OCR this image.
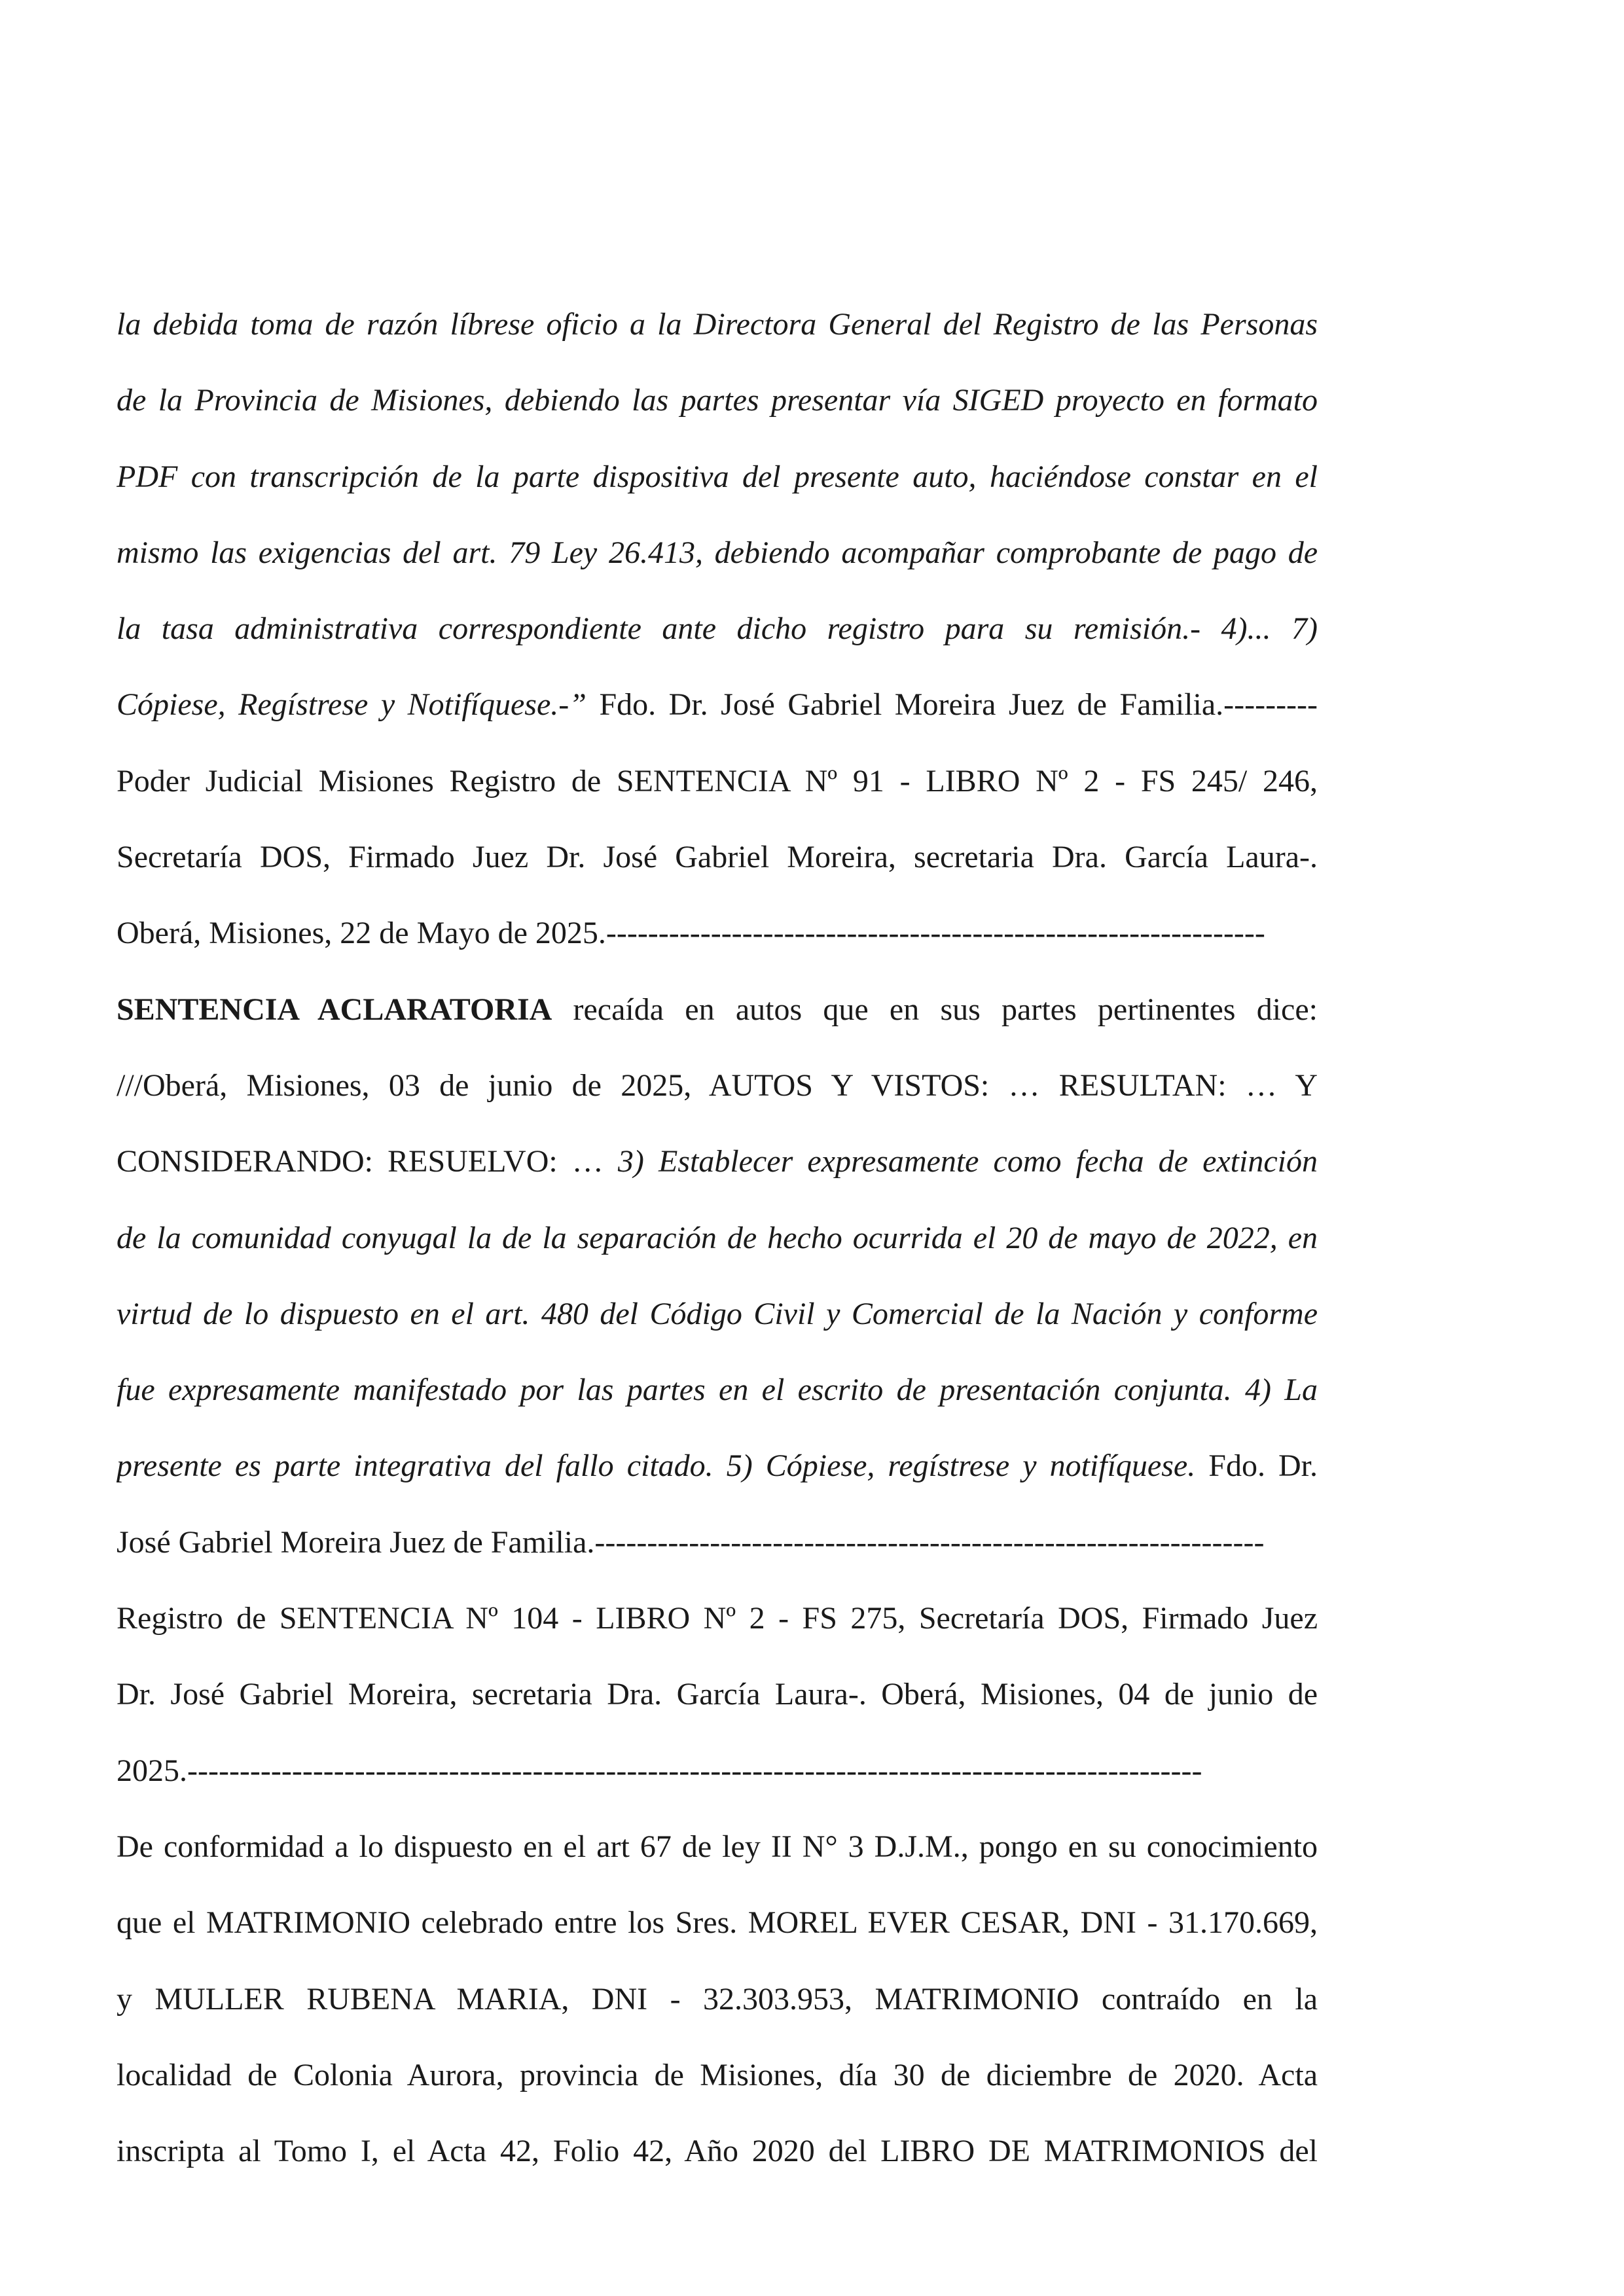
la debida toma de razón líbrese oficio a la Directora General del Registro de las Personas
de la Provincia de Misiones, debiendo las partes presentar vía SIGED proyecto en formato
PDF con transcripción de la parte dispositiva del presente auto, haciéndose constar en el
mismo las exigencias del art. 79 Ley 26.413, debiendo acompañar comprobante de pago de
la tasa administrativa correspondiente ante dicho registro para su remisión.- 4)... 7)
Cópiese, Regístrese y Notifíquese.-” Fdo. Dr. José Gabriel Moreira Juez de Familia.---------
Poder Judicial Misiones Registro de SENTENCIA Nº 91 - LIBRO Nº 2 - FS 245/ 246,
Secretaría DOS, Firmado Juez Dr. José Gabriel Moreira, secretaria Dra. García Laura-.
Oberá, Misiones, 22 de Mayo de 2025.---------------------------------------------------------------
SENTENCIA ACLARATORIA recaída en autos que en sus partes pertinentes dice:
///Oberá, Misiones, 03 de junio de 2025, AUTOS Y VISTOS: … RESULTAN: … Y
CONSIDERANDO: RESUELVO: … 3) Establecer expresamente como fecha de extinción
de la comunidad conyugal la de la separación de hecho ocurrida el 20 de mayo de 2022, en
virtud de lo dispuesto en el art. 480 del Código Civil y Comercial de la Nación y conforme
fue expresamente manifestado por las partes en el escrito de presentación conjunta. 4) La
presente es parte integrativa del fallo citado. 5) Cópiese, regístrese y notifíquese. Fdo. Dr.
José Gabriel Moreira Juez de Familia.----------------------------------------------------------------
Registro de SENTENCIA Nº 104 - LIBRO Nº 2 - FS 275, Secretaría DOS, Firmado Juez
Dr. José Gabriel Moreira, secretaria Dra. García Laura-. Oberá, Misiones, 04 de junio de
2025.-------------------------------------------------------------------------------------------------
De conformidad a lo dispuesto en el art 67 de ley II N° 3 D.J.M., pongo en su conocimiento
que el MATRIMONIO celebrado entre los Sres. MOREL EVER CESAR, DNI - 31.170.669,
y MULLER RUBENA MARIA, DNI - 32.303.953, MATRIMONIO contraído en la
localidad de Colonia Aurora, provincia de Misiones, día 30 de diciembre de 2020. Acta
inscripta al Tomo I, el Acta 42, Folio 42, Año 2020 del LIBRO DE MATRIMONIOS del
